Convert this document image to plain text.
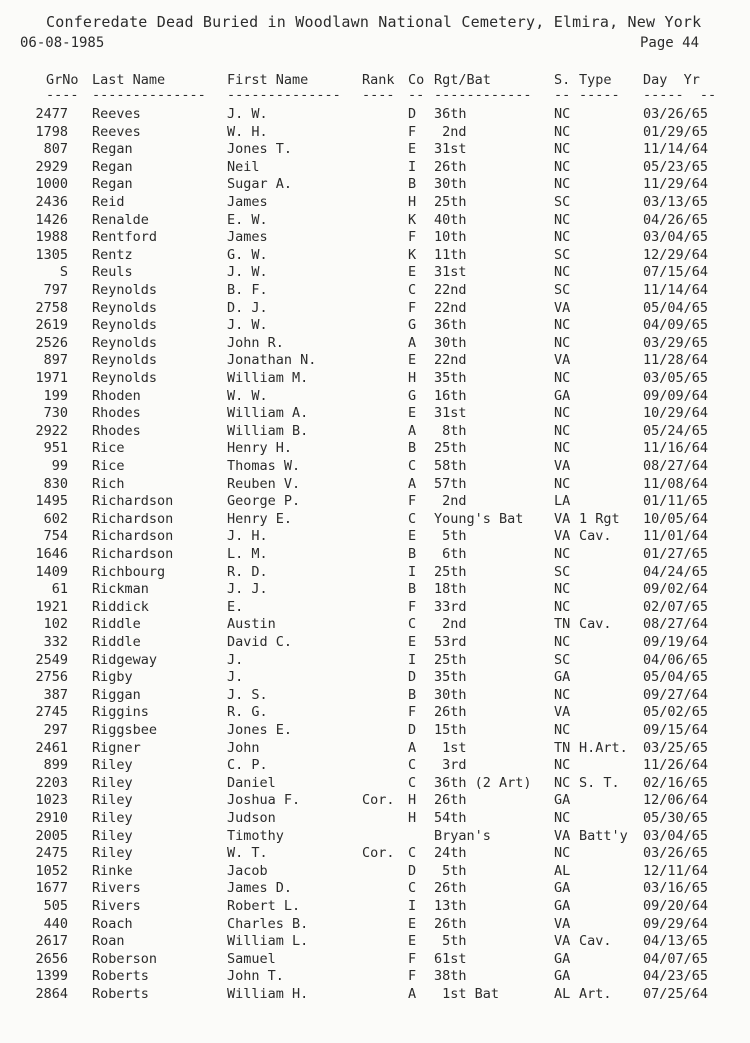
Conferedate Dead Buried in Woodlawn National Cemetery, Elmira, New York
06-08-1985	Page 44
GrNo Last Name	First Name	Rank Co Rgt/Bat	S. Type Day  Yr
---- -------------- -------------- ---- -- ------------ -- ----- -----  --
2477 Reeves	J. W.	D 36th	NC	03/26/65
1798 Reeves	W. H.	F 2nd	NC	01/29/65
807 Regan	Jones T.	E 31st	NC	11/14/64
2929 Regan	Neil	I 26th	NC	05/23/65
1000 Regan	Sugar A.	B 30th	NC	11/29/64
2436 Reid	James	H 25th	SC	03/13/65
1426 Renalde	E. W.	K 40th	NC	04/26/65
1988 Rentford	James	F 10th	NC	03/04/65
1305 Rentz	G. W.	K 11th	SC	12/29/64
S Reuls	J. W.	E 31st	NC	07/15/64
797 Reynolds	B. F.	C 22nd	SC	11/14/64
2758 Reynolds	D. J.	F 22nd	VA	05/04/65
2619 Reynolds	J. W.	G 36th	NC	04/09/65
2526 Reynolds	John R.	A 30th	NC	03/29/65
897 Reynolds	Jonathan N.	E 22nd	VA	11/28/64
1971 Reynolds	William M.	H 35th	NC	03/05/65
199 Rhoden	W. W.	G 16th	GA	09/09/64
730 Rhodes	William A.	E 31st	NC	10/29/64
2922 Rhodes	William B.	A 8th	NC	05/24/65
951 Rice	Henry H.	B 25th	NC	11/16/64
99 Rice	Thomas W.	C 58th	VA	08/27/64
830 Rich	Reuben V.	A 57th	NC	11/08/64
1495 Richardson	George P.	F 2nd	LA	01/11/65
602 Richardson	Henry E.	C Young's Bat VA 1 Rgt 10/05/64
754 Richardson	J. H.	E 5th	VA Cav. 11/01/64
1646 Richardson	L. M.	B 6th	NC	01/27/65
1409 Richbourg	R. D.	I 25th	SC	04/24/65
61 Rickman	J. J.	B 18th	NC	09/02/64
1921 Riddick	E.	F 33rd	NC	02/07/65
102 Riddle	Austin	C 2nd	TN Cav. 08/27/64
332 Riddle	David C.	E 53rd	NC	09/19/64
2549 Ridgeway	J.	I 25th	SC	04/06/65
2756 Rigby	J.	D 35th	GA	05/04/65
387 Riggan	J. S.	B 30th	NC	09/27/64
2745 Riggins	R. G.	F 26th	VA	05/02/65
297 Riggsbee	Jones E.	D 15th	NC	09/15/64
2461 Rigner	John	A 1st	TN H.Art. 03/25/65
899 Riley	C. P.	C 3rd	NC	11/26/64
2203 Riley	Daniel	C 36th (2 Art) NC S. T. 02/16/65
1023 Riley	Joshua F.	Cor. H 26th	GA	12/06/64
2910 Riley	Judson	H 54th	NC	05/30/65
2005 Riley	Timothy	Bryan's	VA Batt'y 03/04/65
2475 Riley	W. T.	Cor. C 24th	NC	03/26/65
1052 Rinke	Jacob	D 5th	AL	12/11/64
1677 Rivers	James D.	C 26th	GA	03/16/65
505 Rivers	Robert L.	I 13th	GA	09/20/64
440 Roach	Charles B.	E 26th	VA	09/29/64
2617 Roan	William L.	E 5th	VA Cav. 04/13/65
2656 Roberson	Samuel	F 61st	GA	04/07/65
1399 Roberts	John T.	F 38th	GA	04/23/65
2864 Roberts	William H.	A 1st Bat	AL Art. 07/25/64
